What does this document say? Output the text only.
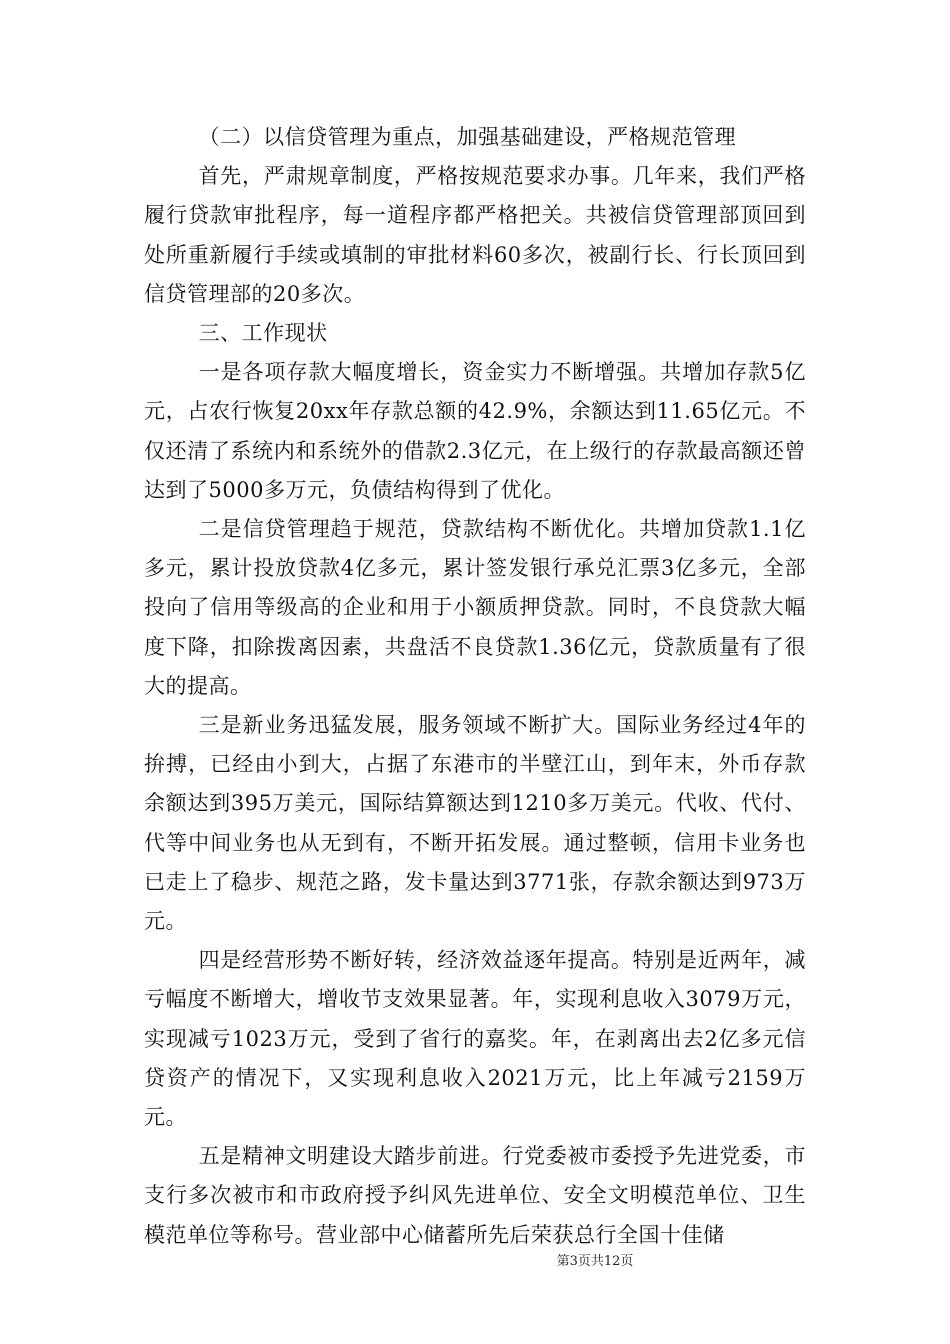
（二）以信贷管理为重点，加强基础建设，严格规范管理

首先，严肃规章制度，严格按规范要求办事。几年来，我们严格履行贷款审批程序，每一道程序都严格把关。共被信贷管理部顶回到处所重新履行手续或填制的审批材料60多次，被副行长、行长顶回到信贷管理部的20多次。

三、工作现状

一是各项存款大幅度增长，资金实力不断增强。共增加存款5亿元，占农行恢复20xx年存款总额的42.9%，余额达到11.65亿元。不仅还清了系统内和系统外的借款2.3亿元，在上级行的存款最高额还曾达到了5000多万元，负债结构得到了优化。

二是信贷管理趋于规范，贷款结构不断优化。共增加贷款1.1亿多元，累计投放贷款4亿多元，累计签发银行承兑汇票3亿多元，全部投向了信用等级高的企业和用于小额质押贷款。同时，不良贷款大幅度下降，扣除拨离因素，共盘活不良贷款1.36亿元，贷款质量有了很大的提高。

三是新业务迅猛发展，服务领域不断扩大。国际业务经过4年的拚搏，已经由小到大，占据了东港市的半壁江山，到年末，外币存款余额达到395万美元，国际结算额达到1210多万美元。代收、代付、代等中间业务也从无到有，不断开拓发展。通过整顿，信用卡业务也已走上了稳步、规范之路，发卡量达到3771张，存款余额达到973万元。

四是经营形势不断好转，经济效益逐年提高。特别是近两年，减亏幅度不断增大，增收节支效果显著。年，实现利息收入3079万元，实现减亏1023万元，受到了省行的嘉奖。年，在剥离出去2亿多元信贷资产的情况下，又实现利息收入2021万元，比上年减亏2159万元。

五是精神文明建设大踏步前进。行党委被市委授予先进党委，市支行多次被市和市政府授予纠风先进单位、安全文明模范单位、卫生模范单位等称号。营业部中心储蓄所先后荣获总行全国十佳储

第3页共12页
